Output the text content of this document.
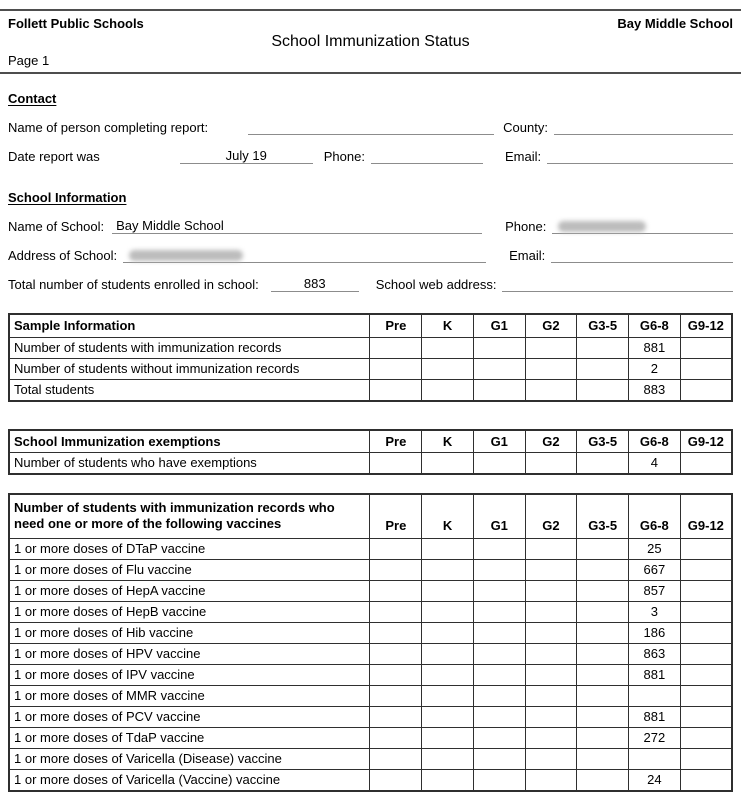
Follett Public Schools	Bay Middle School
School Immunization Status
Page 1
Contact
Name of person completing report:	County:
Date report was	July 19	Phone:	Email:
School Information
Name of School: Bay Middle School	Phone:
Address of School:	Email:
Total number of students enrolled in school:	883	School web address:
Sample Information	Pre	K	G1	G2	G3-5	G6-8	G9-12
Number of students with immunization records						881	
Number of students without immunization records						2	
Total students						883	
School Immunization exemptions	Pre	K	G1	G2	G3-5	G6-8	G9-12
Number of students who have exemptions						4	
Number of students with immunization records who need one or more of the following vaccines	Pre	K	G1	G2	G3-5	G6-8	G9-12
1 or more doses of DTaP vaccine						25	
1 or more doses of Flu vaccine						667	
1 or more doses of HepA vaccine						857	
1 or more doses of HepB vaccine						3	
1 or more doses of Hib vaccine						186	
1 or more doses of HPV vaccine						863	
1 or more doses of IPV vaccine						881	
1 or more doses of MMR vaccine							
1 or more doses of PCV vaccine						881	
1 or more doses of TdaP vaccine						272	
1 or more doses of Varicella (Disease) vaccine							
1 or more doses of Varicella (Vaccine) vaccine						24	
